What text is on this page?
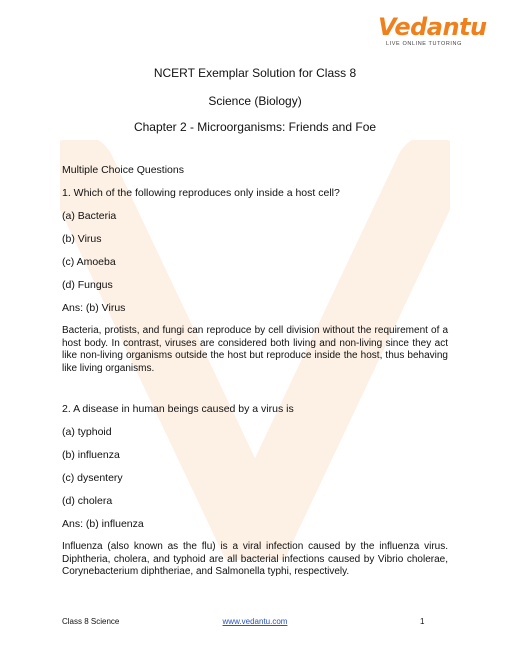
Vedantu
LIVE ONLINE TUTORING
NCERT Exemplar Solution for Class 8
Science (Biology)
Chapter 2 - Microorganisms: Friends and Foe
Multiple Choice Questions
1. Which of the following reproduces only inside a host cell?
(a) Bacteria
(b) Virus
(c) Amoeba
(d) Fungus
Ans: (b) Virus
Bacteria, protists, and fungi can reproduce by cell division without the requirement of a host body. In contrast, viruses are considered both living and non-living since they act like non-living organisms outside the host but reproduce inside the host, thus behaving like living organisms.
2. A disease in human beings caused by a virus is
(a) typhoid
(b) influenza
(c) dysentery
(d) cholera
Ans: (b) influenza
Influenza (also known as the flu) is a viral infection caused by the influenza virus. Diphtheria, cholera, and typhoid are all bacterial infections caused by Vibrio cholerae, Corynebacterium diphtheriae, and Salmonella typhi, respectively.
Class 8 Science	www.vedantu.com	1
